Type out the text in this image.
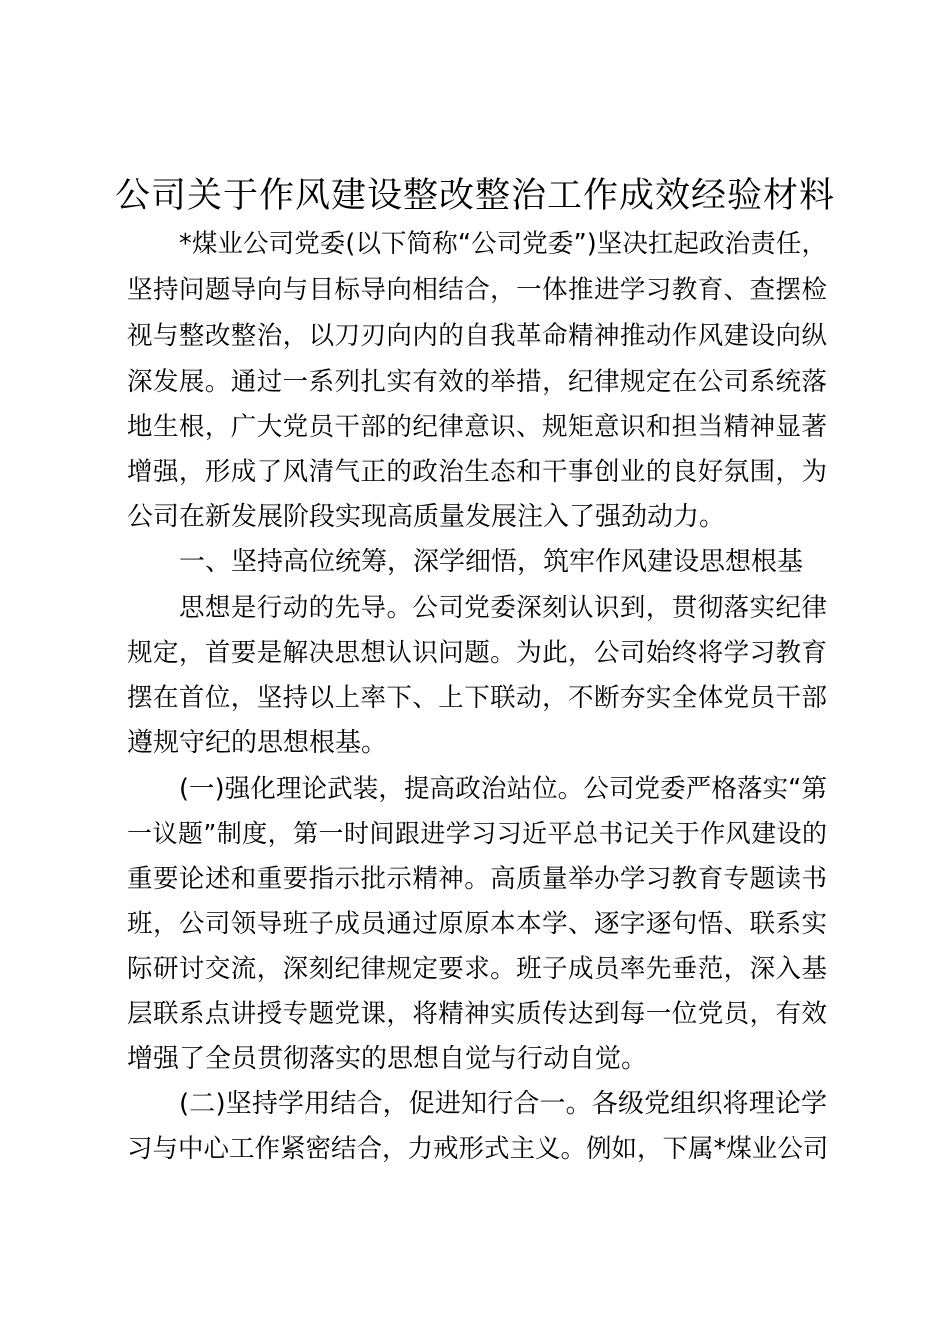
公司关于作风建设整改整治工作成效经验材料
*煤业公司党委(以下简称“公司党委”)坚决扛起政治责任，
坚持问题导向与目标导向相结合，一体推进学习教育、查摆检
视与整改整治，以刀刃向内的自我革命精神推动作风建设向纵
深发展。通过一系列扎实有效的举措，纪律规定在公司系统落
地生根，广大党员干部的纪律意识、规矩意识和担当精神显著
增强，形成了风清气正的政治生态和干事创业的良好氛围，为
公司在新发展阶段实现高质量发展注入了强劲动力。
一、坚持高位统筹，深学细悟，筑牢作风建设思想根基
思想是行动的先导。公司党委深刻认识到，贯彻落实纪律
规定，首要是解决思想认识问题。为此，公司始终将学习教育
摆在首位，坚持以上率下、上下联动，不断夯实全体党员干部
遵规守纪的思想根基。
(一)强化理论武装，提高政治站位。公司党委严格落实“第
一议题”制度，第一时间跟进学习习近平总书记关于作风建设的
重要论述和重要指示批示精神。高质量举办学习教育专题读书
班，公司领导班子成员通过原原本本学、逐字逐句悟、联系实
际研讨交流，深刻纪律规定要求。班子成员率先垂范，深入基
层联系点讲授专题党课，将精神实质传达到每一位党员，有效
增强了全员贯彻落实的思想自觉与行动自觉。
(二)坚持学用结合，促进知行合一。各级党组织将理论学
习与中心工作紧密结合，力戒形式主义。例如，下属*煤业公司
